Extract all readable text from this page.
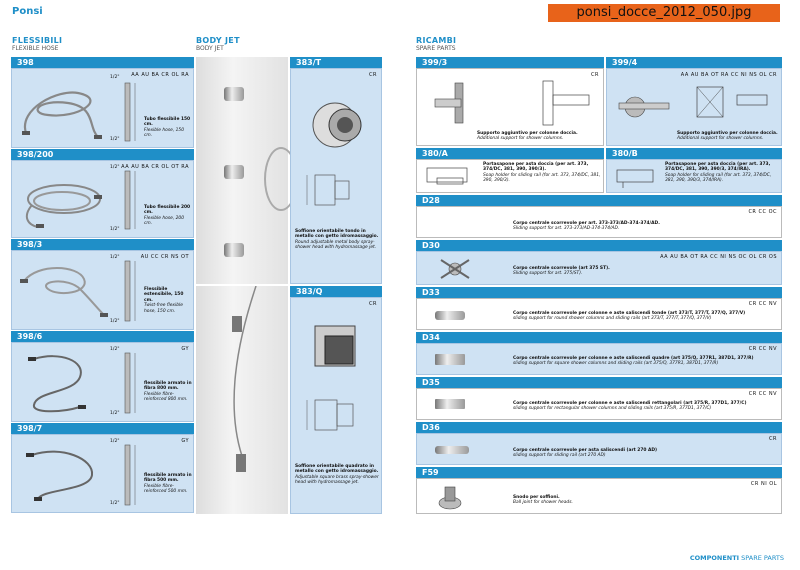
Ponsi	ponsi_docce_2012_050.jpg
FLESSIBILI
FLEXIBLE HOSE
BODY JET
BODY JET
RICAMBI
SPARE PARTS
398
AA AU BA CR OL RA
1/2"
1/2"
Tubo flessibile 150 cm.
Flexible hose, 150 cm.
398/200
AA AU BA CR OL OT RA
1/2"
1/2"
Tubo flessibile 200 cm.
Flexible hose, 200 cm.
398/3
AU CC CR NS OT
1/2"
1/2"
Flessibile estensibile, 150 cm.
Twist-free flexible hose, 150 cm.
398/6
GY
1/2"
1/2"
flessibile armato in fibra 800 mm.
Flexible fibre-reinforced 800 mm.
398/7
GY
1/2"
1/2"
flessibile armato in fibra 500 mm.
Flexible fibre-reinforced 500 mm.
383/T
CR
Soffione orientabile tondo in metallo con getto idromassaggio.
Round adjustable metal body spray-shower head with hydromassage jet.
383/Q
CR
Soffione orientabile quadrato in metallo con getto idromassaggio.
Adjustable square brass spray-shower head with hydromassage jet.
399/3
CR
Supporto aggiuntivo per colonne doccia.
Additional support for shower columns.
399/4
AA AU BA OT RA CC NI NS OL CR
Supporto aggiuntivo per colonne doccia.
Additional support for shower columns.
380/A
Portasapone per asta doccia (per art. 373, 374/DC, 381, 390, 390/3).
Soap holder for sliding rail (for art. 373, 374/DC, 381, 390, 390/3).
380/B
Portasapone per asta doccia (per art. 373, 374/DC, 381, 390, 390/3, 374/IRA).
Soap holder for sliding rail (for art. 373, 374/DC, 381, 390, 390/3, 374/IRA).
D28
CR CC OC
Corpo centrale scorrevole per art. 373-373/AD-374-374/AD.
Sliding support for art. 373-373/AD-374-374/AD.
D30
AA AU BA OT RA CC NI NS OC OL CR OS
Corpo centrale scorrevole (art 375 ST).
Sliding support for art. 375/ST).
D33
CR CC NV
Corpo centrale scorrevole per colonne e aste saliscendi tonde (art 373/T, 377/T, 377/Q, 377/V)
sliding support for round shower columns and sliding rails (art 373/T, 377/T, 377/Q, 377/V)
D34
CR CC NV
Corpo centrale scorrevole per colonne e aste saliscendi quadre (art 375/Q, 377R1, 387D1, 377/R)
sliding support for square shower columns and sliding rails (art 375/Q, 377R1, 387D1, 377/R)
D35
CR CC NV
Corpo centrale scorrevole per colonne e aste saliscendi rettangolari (art 375/R, 377D1, 377/C)
sliding support for rectangular shower columns and sliding rails (art 375/R, 377D1, 377/C)
D36
CR
Corpo centrale scorrevole per asta saliscendi (art 270 AD)
sliding support for sliding rail (art 270 AD)
F59
CR NI OL
Snodo per soffioni.
Ball joint for shower heads.
COMPONENTI SPARE PARTS
